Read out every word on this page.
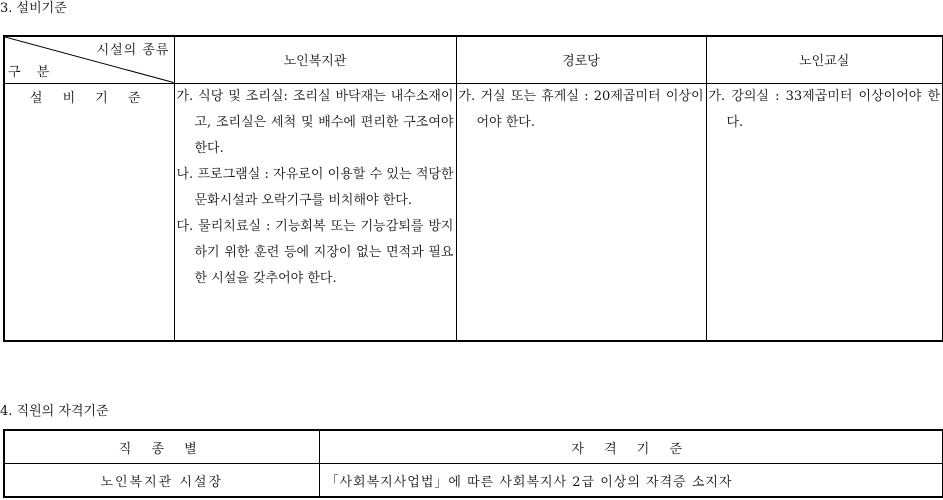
3. 설비기준
시설의 종류
구 분	노인복지관	경로당	노인교실
설 비 기 준	가. 식당 및 조리실: 조리실 바닥재는 내수소재이고, 조리실은 세척 및 배수에 편리한 구조여야 한다.

나. 프로그램실 : 자유로이 이용할 수 있는 적당한 문화시설과 오락기구를 비치해야 한다.

다. 물리치료실 : 기능회복 또는 기능감퇴를 방지하기 위한 훈련 등에 지장이 없는 면적과 필요한 시설을 갖추어야 한다.	가. 거실 또는 휴게실 : 20제곱미터 이상이어야 한다.	가. 강의실 : 33제곱미터 이상이어야 한다.

4. 직원의 자격기준
직 종 별	자 격 기 준
노인복지관 시설장	「사회복지사업법」에 따른 사회복지사 2급 이상의 자격증 소지자
